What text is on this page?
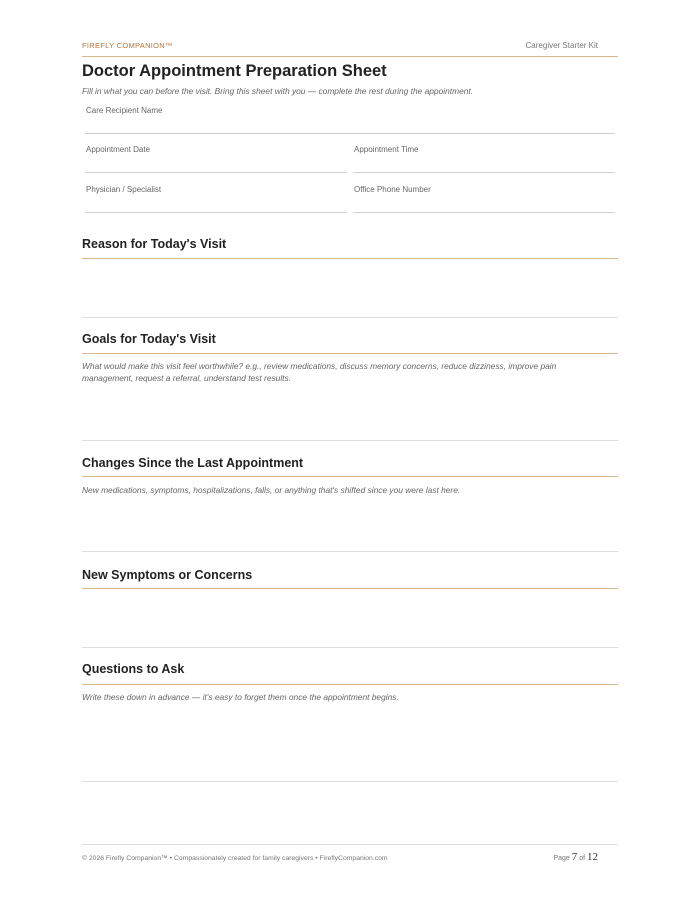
FIREFLY COMPANION™	Caregiver Starter Kit
Doctor Appointment Preparation Sheet
Fill in what you can before the visit. Bring this sheet with you — complete the rest during the appointment.
Care Recipient Name
Appointment Date	Appointment Time
Physician / Specialist	Office Phone Number
Reason for Today's Visit
Goals for Today's Visit
What would make this visit feel worthwhile? e.g., review medications, discuss memory concerns, reduce dizziness, improve pain management, request a referral, understand test results.
Changes Since the Last Appointment
New medications, symptoms, hospitalizations, falls, or anything that's shifted since you were last here.
New Symptoms or Concerns
Questions to Ask
Write these down in advance — it's easy to forget them once the appointment begins.
© 2026 Firefly Companion™ • Compassionately created for family caregivers • FireflyCompanion.com	Page 7 of 12
